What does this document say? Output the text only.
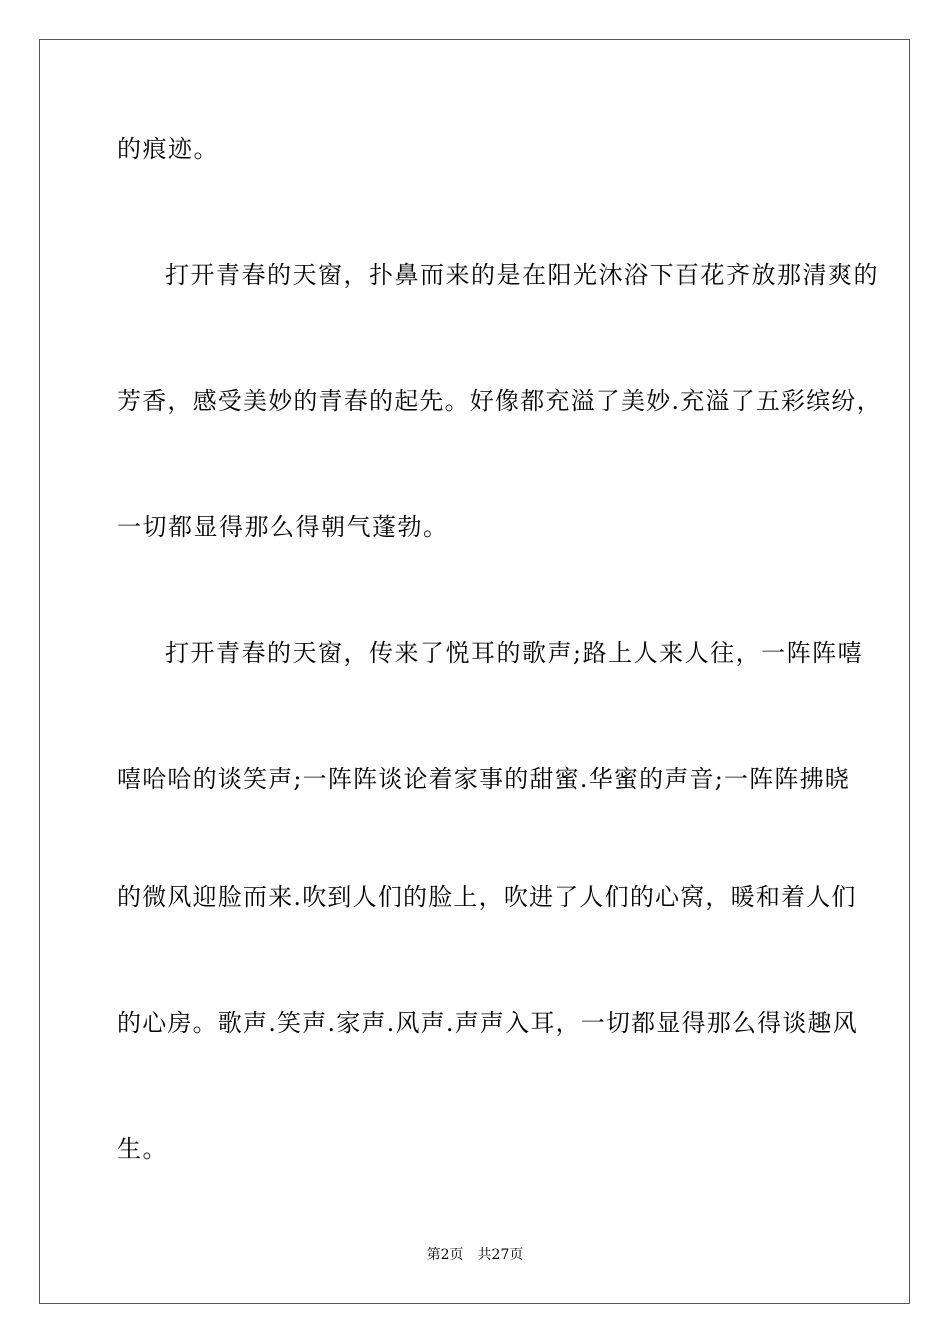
的痕迹。
打开青春的天窗，扑鼻而来的是在阳光沐浴下百花齐放那清爽的
芳香，感受美妙的青春的起先。好像都充溢了美妙.充溢了五彩缤纷，
一切都显得那么得朝气蓬勃。
打开青春的天窗，传来了悦耳的歌声;路上人来人往，一阵阵嘻
嘻哈哈的谈笑声;一阵阵谈论着家事的甜蜜.华蜜的声音;一阵阵拂晓
的微风迎脸而来.吹到人们的脸上，吹进了人们的心窝，暖和着人们
的心房。歌声.笑声.家声.风声.声声入耳，一切都显得那么得谈趣风
生。
第2页 共27页
